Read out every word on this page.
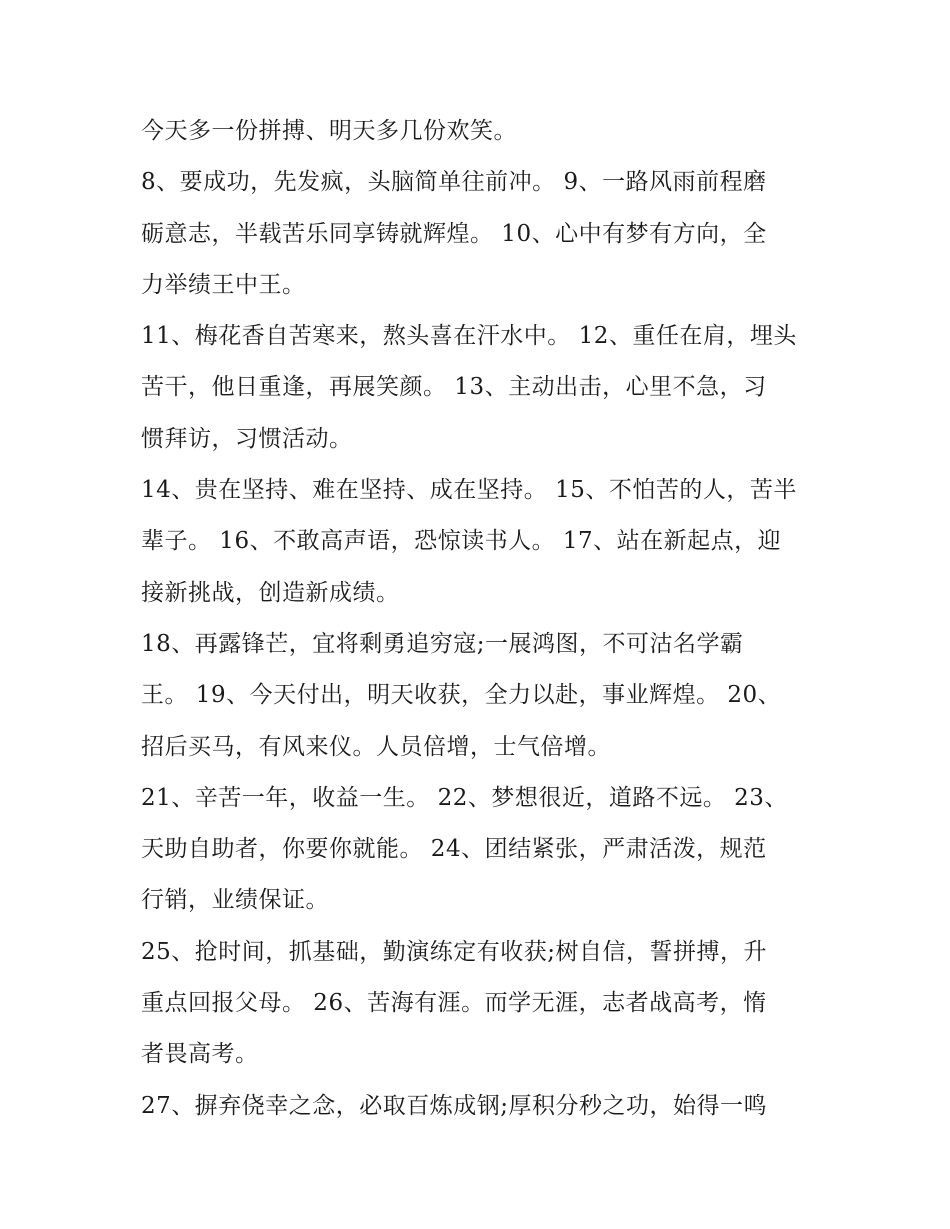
今天多一份拼搏、明天多几份欢笑。
8、要成功，先发疯，头脑简单往前冲。 9、一路风雨前程磨
砺意志，半载苦乐同享铸就辉煌。 10、心中有梦有方向，全
力举绩王中王。
11、梅花香自苦寒来，熬头喜在汗水中。 12、重任在肩，埋头
苦干，他日重逢，再展笑颜。 13、主动出击，心里不急，习
惯拜访，习惯活动。
14、贵在坚持、难在坚持、成在坚持。 15、不怕苦的人，苦半
辈子。 16、不敢高声语，恐惊读书人。 17、站在新起点，迎
接新挑战，创造新成绩。
18、再露锋芒，宜将剩勇追穷寇;一展鸿图，不可沽名学霸
王。 19、今天付出，明天收获，全力以赴，事业辉煌。 20、
招后买马，有风来仪。人员倍增，士气倍增。
21、辛苦一年，收益一生。 22、梦想很近，道路不远。 23、
天助自助者，你要你就能。 24、团结紧张，严肃活泼，规范
行销，业绩保证。
25、抢时间，抓基础，勤演练定有收获;树自信，誓拼搏，升
重点回报父母。 26、苦海有涯。而学无涯，志者战高考，惰
者畏高考。
27、摒弃侥幸之念，必取百炼成钢;厚积分秒之功，始得一鸣
